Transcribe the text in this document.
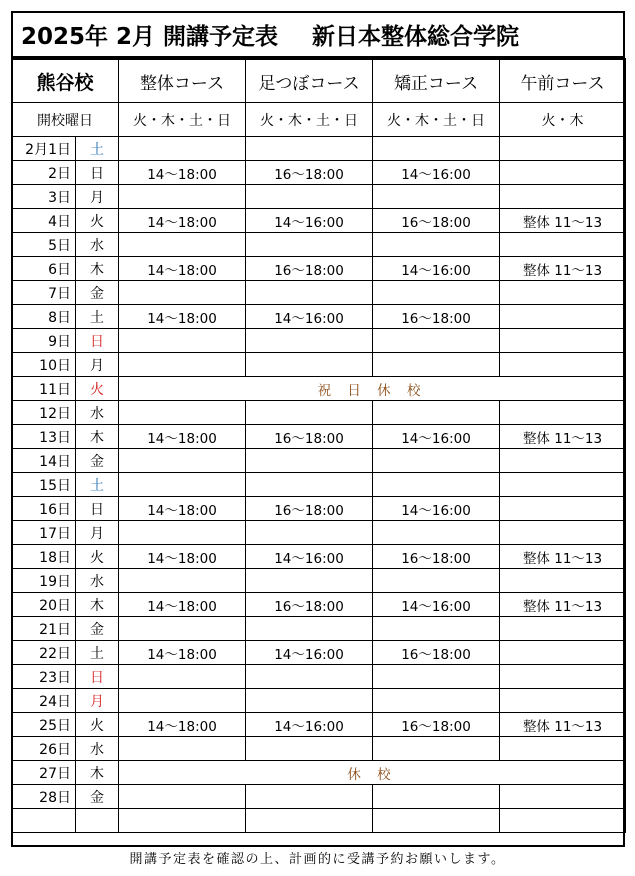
2025年 2月 開講予定表 新日本整体総合学院
熊谷校		整体コース	足つぼコース	矯正コース	午前コース
開校曜日		火・木・土・日	火・木・土・日	火・木・土・日	火・木
2月1日	土				
2日	日	14〜18:00	16〜18:00	14〜16:00	
3日	月				
4日	火	14〜18:00	14〜16:00	16〜18:00	整体 11〜13
5日	水				
6日	木	14〜18:00	16〜18:00	14〜16:00	整体 11〜13
7日	金				
8日	土	14〜18:00	14〜16:00	16〜18:00	
9日	日				
10日	月				
11日	火	祝 日 休 校			
12日	水				
13日	木	14〜18:00	16〜18:00	14〜16:00	整体 11〜13
14日	金				
15日	土				
16日	日	14〜18:00	16〜18:00	14〜16:00	
17日	月				
18日	火	14〜18:00	14〜16:00	16〜18:00	整体 11〜13
19日	水				
20日	木	14〜18:00	16〜18:00	14〜16:00	整体 11〜13
21日	金				
22日	土	14〜18:00	14〜16:00	16〜18:00	
23日	日				
24日	月				
25日	火	14〜18:00	14〜16:00	16〜18:00	整体 11〜13
26日	水				
27日	木	休 校			
28日	金				

開講予定表を確認の上、計画的に受講予約お願いします。
